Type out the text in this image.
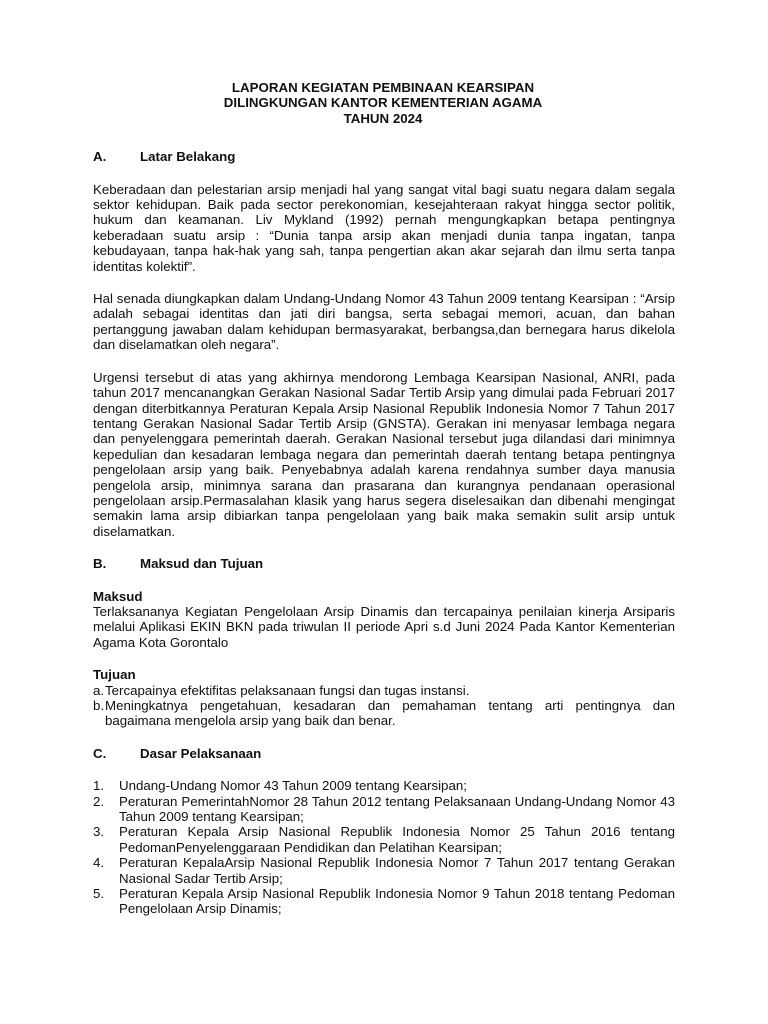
LAPORAN KEGIATAN PEMBINAAN KEARSIPAN
DILINGKUNGAN KANTOR KEMENTERIAN AGAMA
TAHUN 2024
A.	Latar Belakang

Keberadaan dan pelestarian arsip menjadi hal yang sangat vital bagi suatu negara dalam segala sektor kehidupan. Baik pada sector perekonomian, kesejahteraan rakyat hingga sector politik, hukum dan keamanan. Liv Mykland (1992) pernah mengungkapkan betapa pentingnya keberadaan suatu arsip : “Dunia tanpa arsip akan menjadi dunia tanpa ingatan, tanpa kebudayaan, tanpa hak-hak yang sah, tanpa pengertian akan akar sejarah dan ilmu serta tanpa identitas kolektif”.

Hal senada diungkapkan dalam Undang-Undang Nomor 43 Tahun 2009 tentang Kearsipan : “Arsip adalah sebagai identitas dan jati diri bangsa, serta sebagai memori, acuan, dan bahan pertanggung jawaban dalam kehidupan bermasyarakat, berbangsa,dan bernegara harus dikelola dan diselamatkan oleh negara”.

Urgensi tersebut di atas yang akhirnya mendorong Lembaga Kearsipan Nasional, ANRI, pada tahun 2017 mencanangkan Gerakan Nasional Sadar Tertib Arsip yang dimulai pada Februari 2017 dengan diterbitkannya Peraturan Kepala Arsip Nasional Republik Indonesia Nomor 7 Tahun 2017 tentang Gerakan Nasional Sadar Tertib Arsip (GNSTA). Gerakan ini menyasar lembaga negara dan penyelenggara pemerintah daerah. Gerakan Nasional tersebut juga dilandasi dari minimnya kepedulian dan kesadaran lembaga negara dan pemerintah daerah tentang betapa pentingnya pengelolaan arsip yang baik. Penyebabnya adalah karena rendahnya sumber daya manusia pengelola arsip, minimnya sarana dan prasarana dan kurangnya pendanaan operasional pengelolaan arsip.Permasalahan klasik yang harus segera diselesaikan dan dibenahi mengingat semakin lama arsip dibiarkan tanpa pengelolaan yang baik maka semakin sulit arsip untuk diselamatkan.

B.	Maksud dan Tujuan

Maksud

Terlaksananya Kegiatan Pengelolaan Arsip Dinamis dan tercapainya penilaian kinerja Arsiparis melalui Aplikasi EKIN BKN pada triwulan II periode Apri s.d Juni 2024 Pada Kantor Kementerian Agama Kota Gorontalo

Tujuan

a. Tercapainya efektifitas pelaksanaan fungsi dan tugas instansi.
b. Meningkatnya pengetahuan, kesadaran dan pemahaman tentang arti pentingnya dan bagaimana mengelola arsip yang baik dan benar.
C.	Dasar Pelaksanaan
1.	Undang-Undang Nomor 43 Tahun 2009 tentang Kearsipan;
2.	Peraturan PemerintahNomor 28 Tahun 2012 tentang Pelaksanaan Undang-Undang Nomor 43 Tahun 2009 tentang Kearsipan;
3.	Peraturan Kepala Arsip Nasional Republik Indonesia Nomor 25 Tahun 2016 tentang PedomanPenyelenggaraan Pendidikan dan Pelatihan Kearsipan;
4.	Peraturan KepalaArsip Nasional Republik Indonesia Nomor 7 Tahun 2017 tentang Gerakan Nasional Sadar Tertib Arsip;
5.	Peraturan Kepala Arsip Nasional Republik Indonesia Nomor 9 Tahun 2018 tentang Pedoman Pengelolaan Arsip Dinamis;
